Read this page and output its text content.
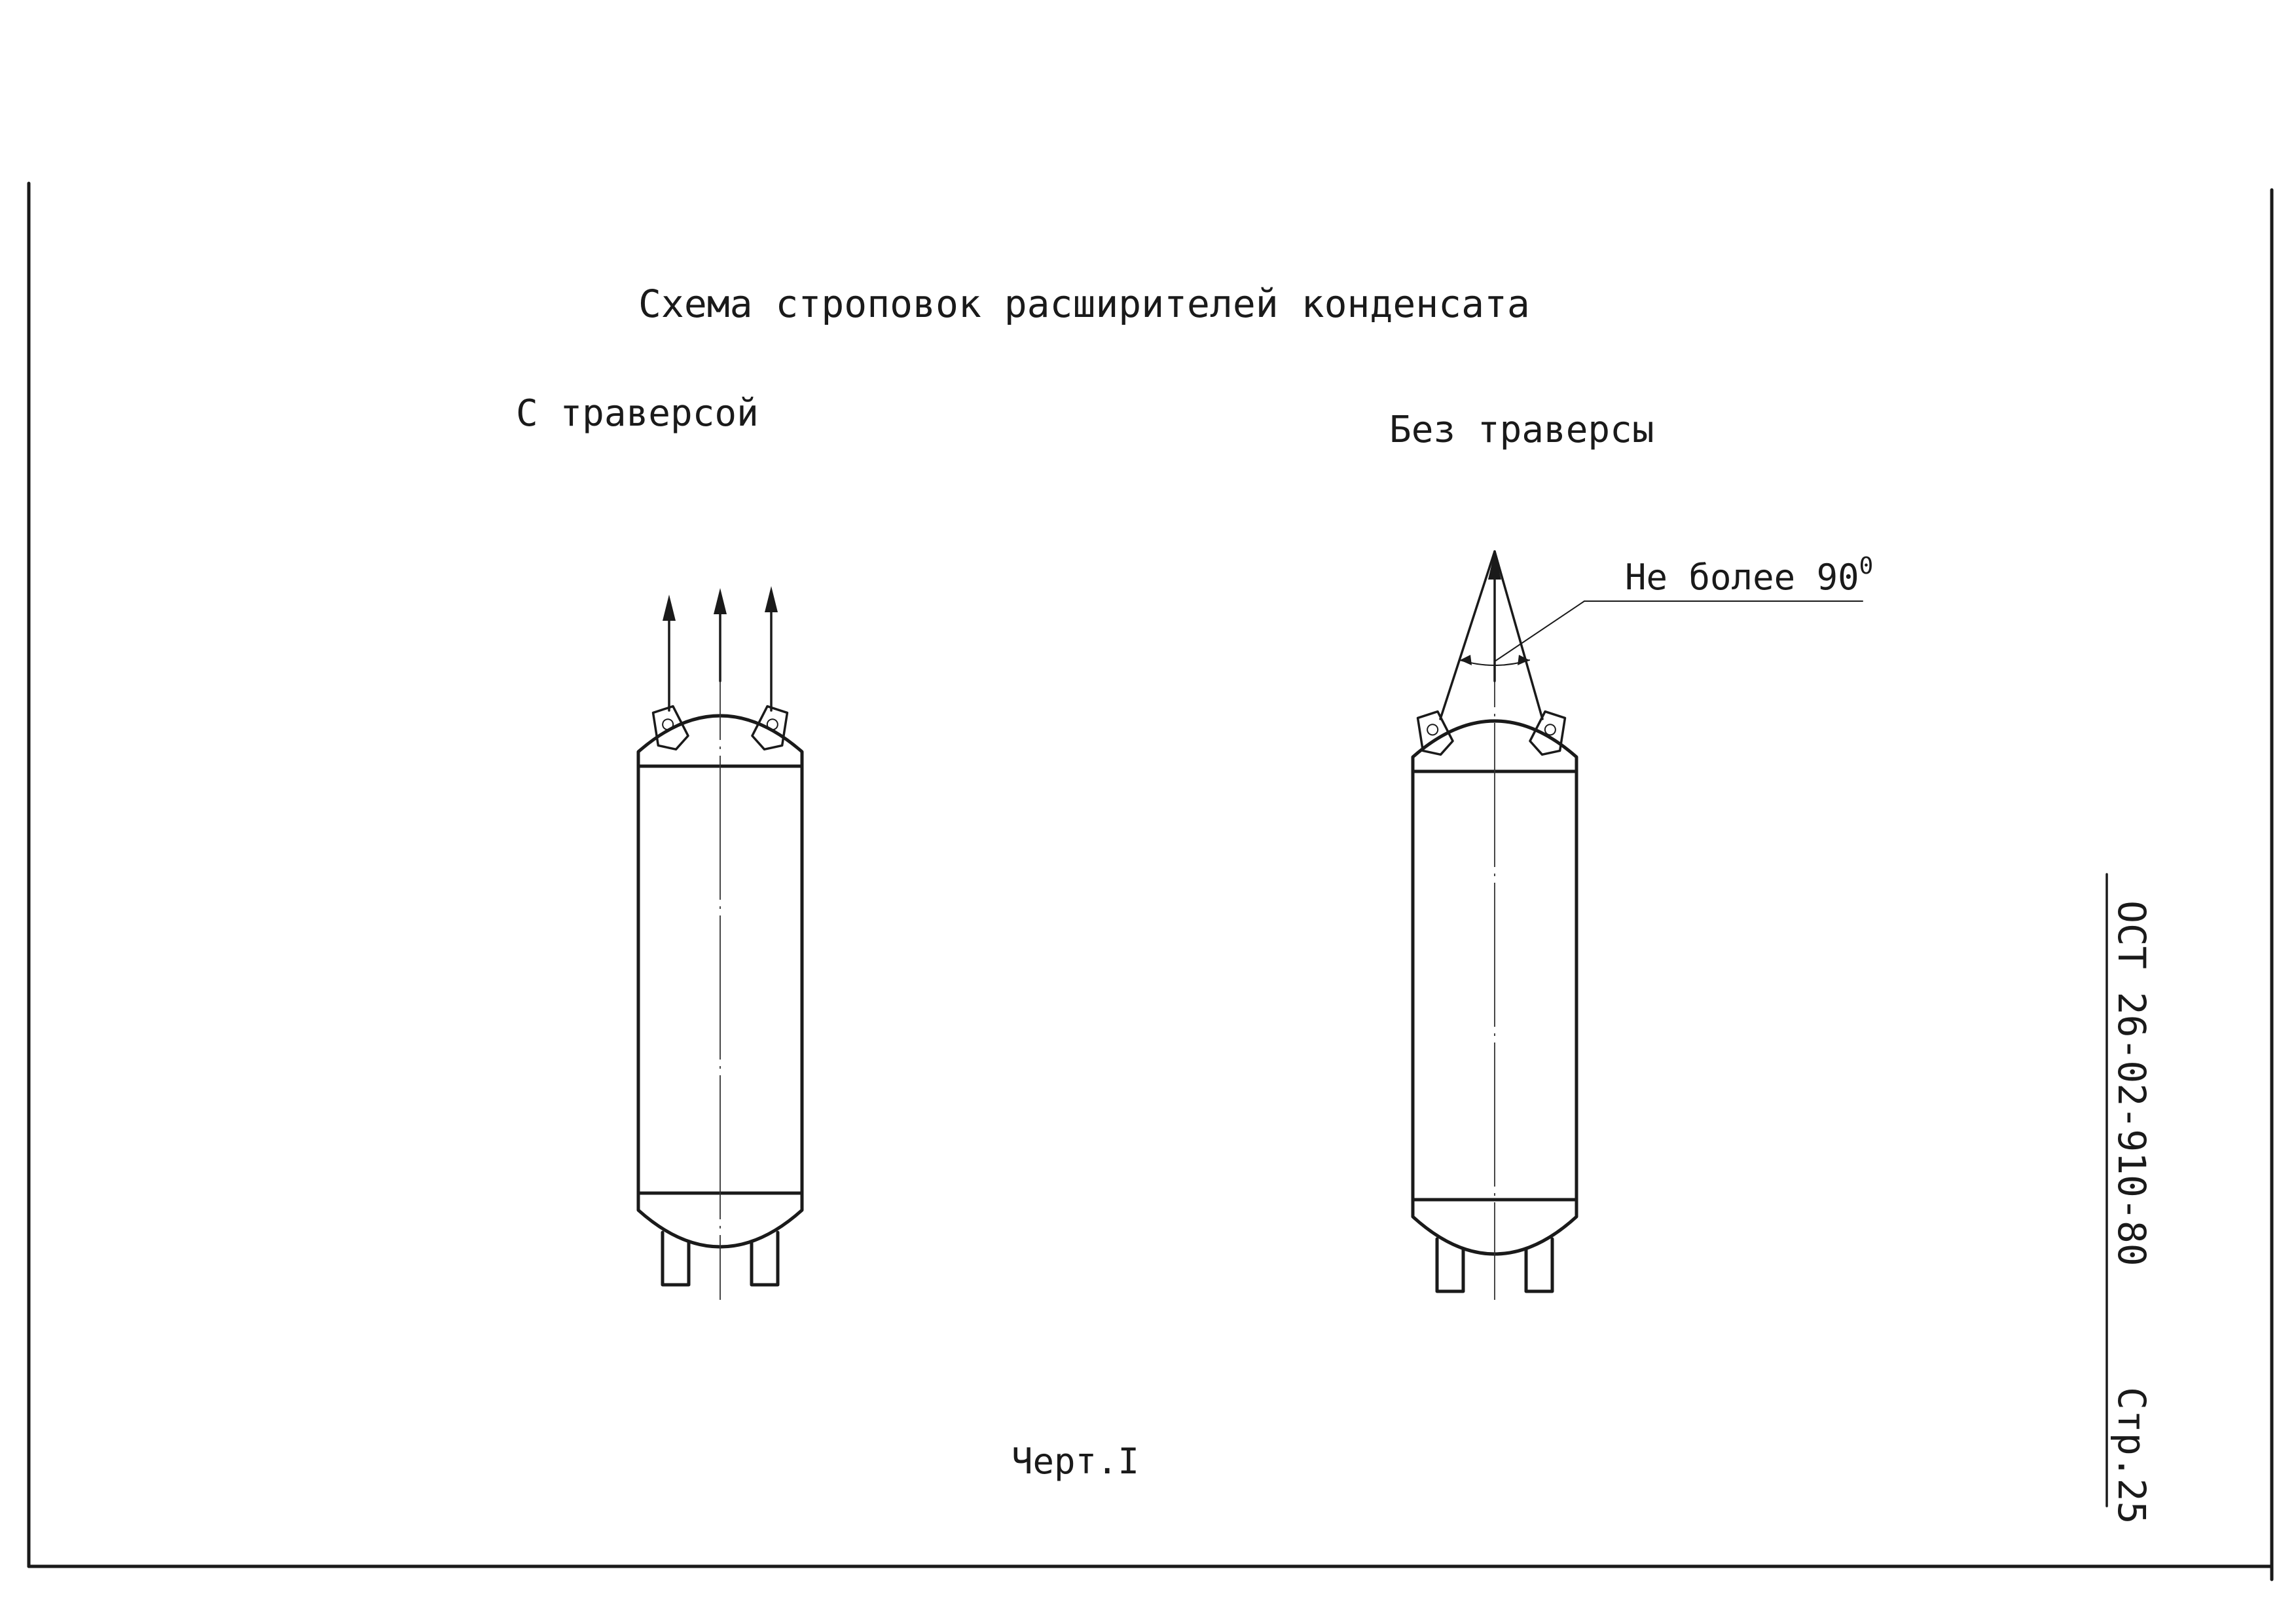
Схема строповок расширителей конденсата
С траверсой	Без траверсы
Не более $90^0$
Черт.I
ОСТ 26-02-910-80
Стр.25
